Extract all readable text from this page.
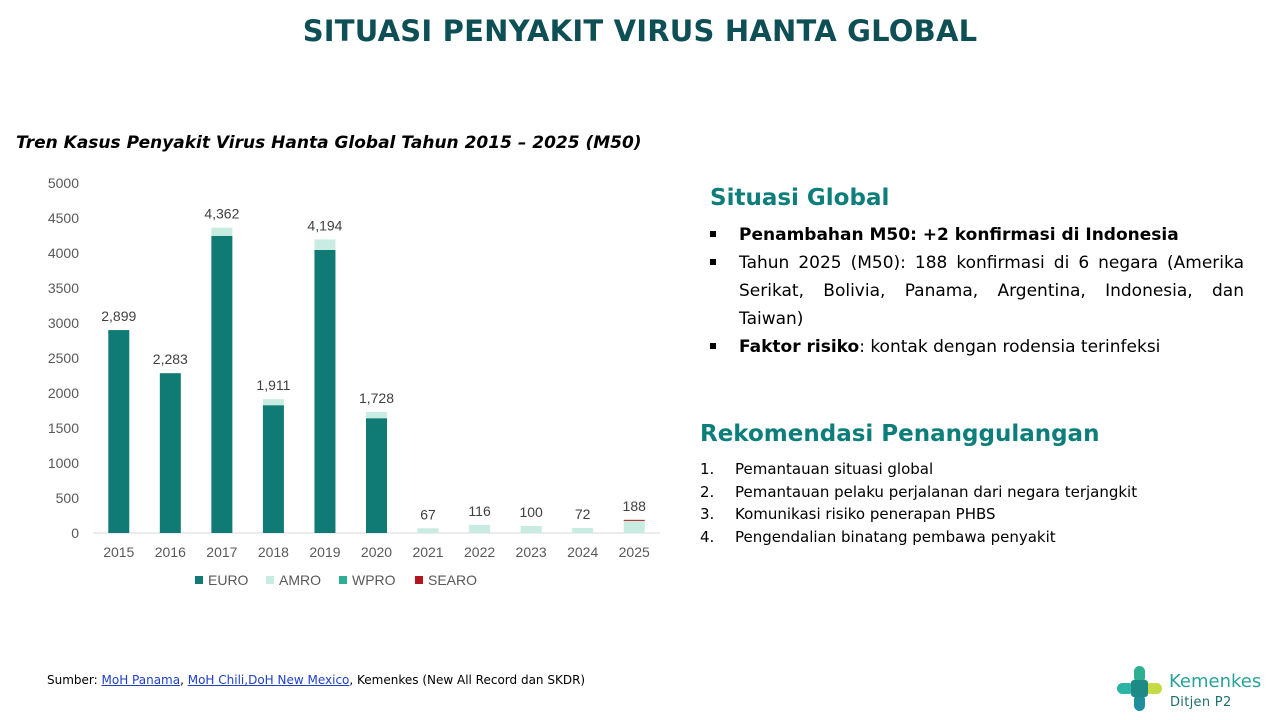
SITUASI PENYAKIT VIRUS HANTA GLOBAL
Tren Kasus Penyakit Virus Hanta Global Tahun 2015 – 2025 (M50)
0
500
1000
1500
2000
2500
3000
3500
4000
4500
5000
2,899
2015
2,283
2016
4,362
2017
1,911
2018
4,194
2019
1,728
2020
67
2021
116
2022
100
2023
72
2024
188
2025
EURO AMRO WPRO SEARO
Situasi Global
Penambahan M50: +2 konfirmasi di Indonesia
Tahun 2025 (M50): 188 konfirmasi di 6 negara (Amerika Serikat, Bolivia, Panama, Argentina, Indonesia, dan Taiwan)
Faktor risiko: kontak dengan rodensia terinfeksi
Rekomendasi Penanggulangan
1. Pemantauan situasi global
2. Pemantauan pelaku perjalanan dari negara terjangkit
3. Komunikasi risiko penerapan PHBS
4. Pengendalian binatang pembawa penyakit
Sumber: MoH Panama, MoH Chili,DoH New Mexico, Kemenkes (New All Record dan SKDR)	Kemenkes
Ditjen P2
